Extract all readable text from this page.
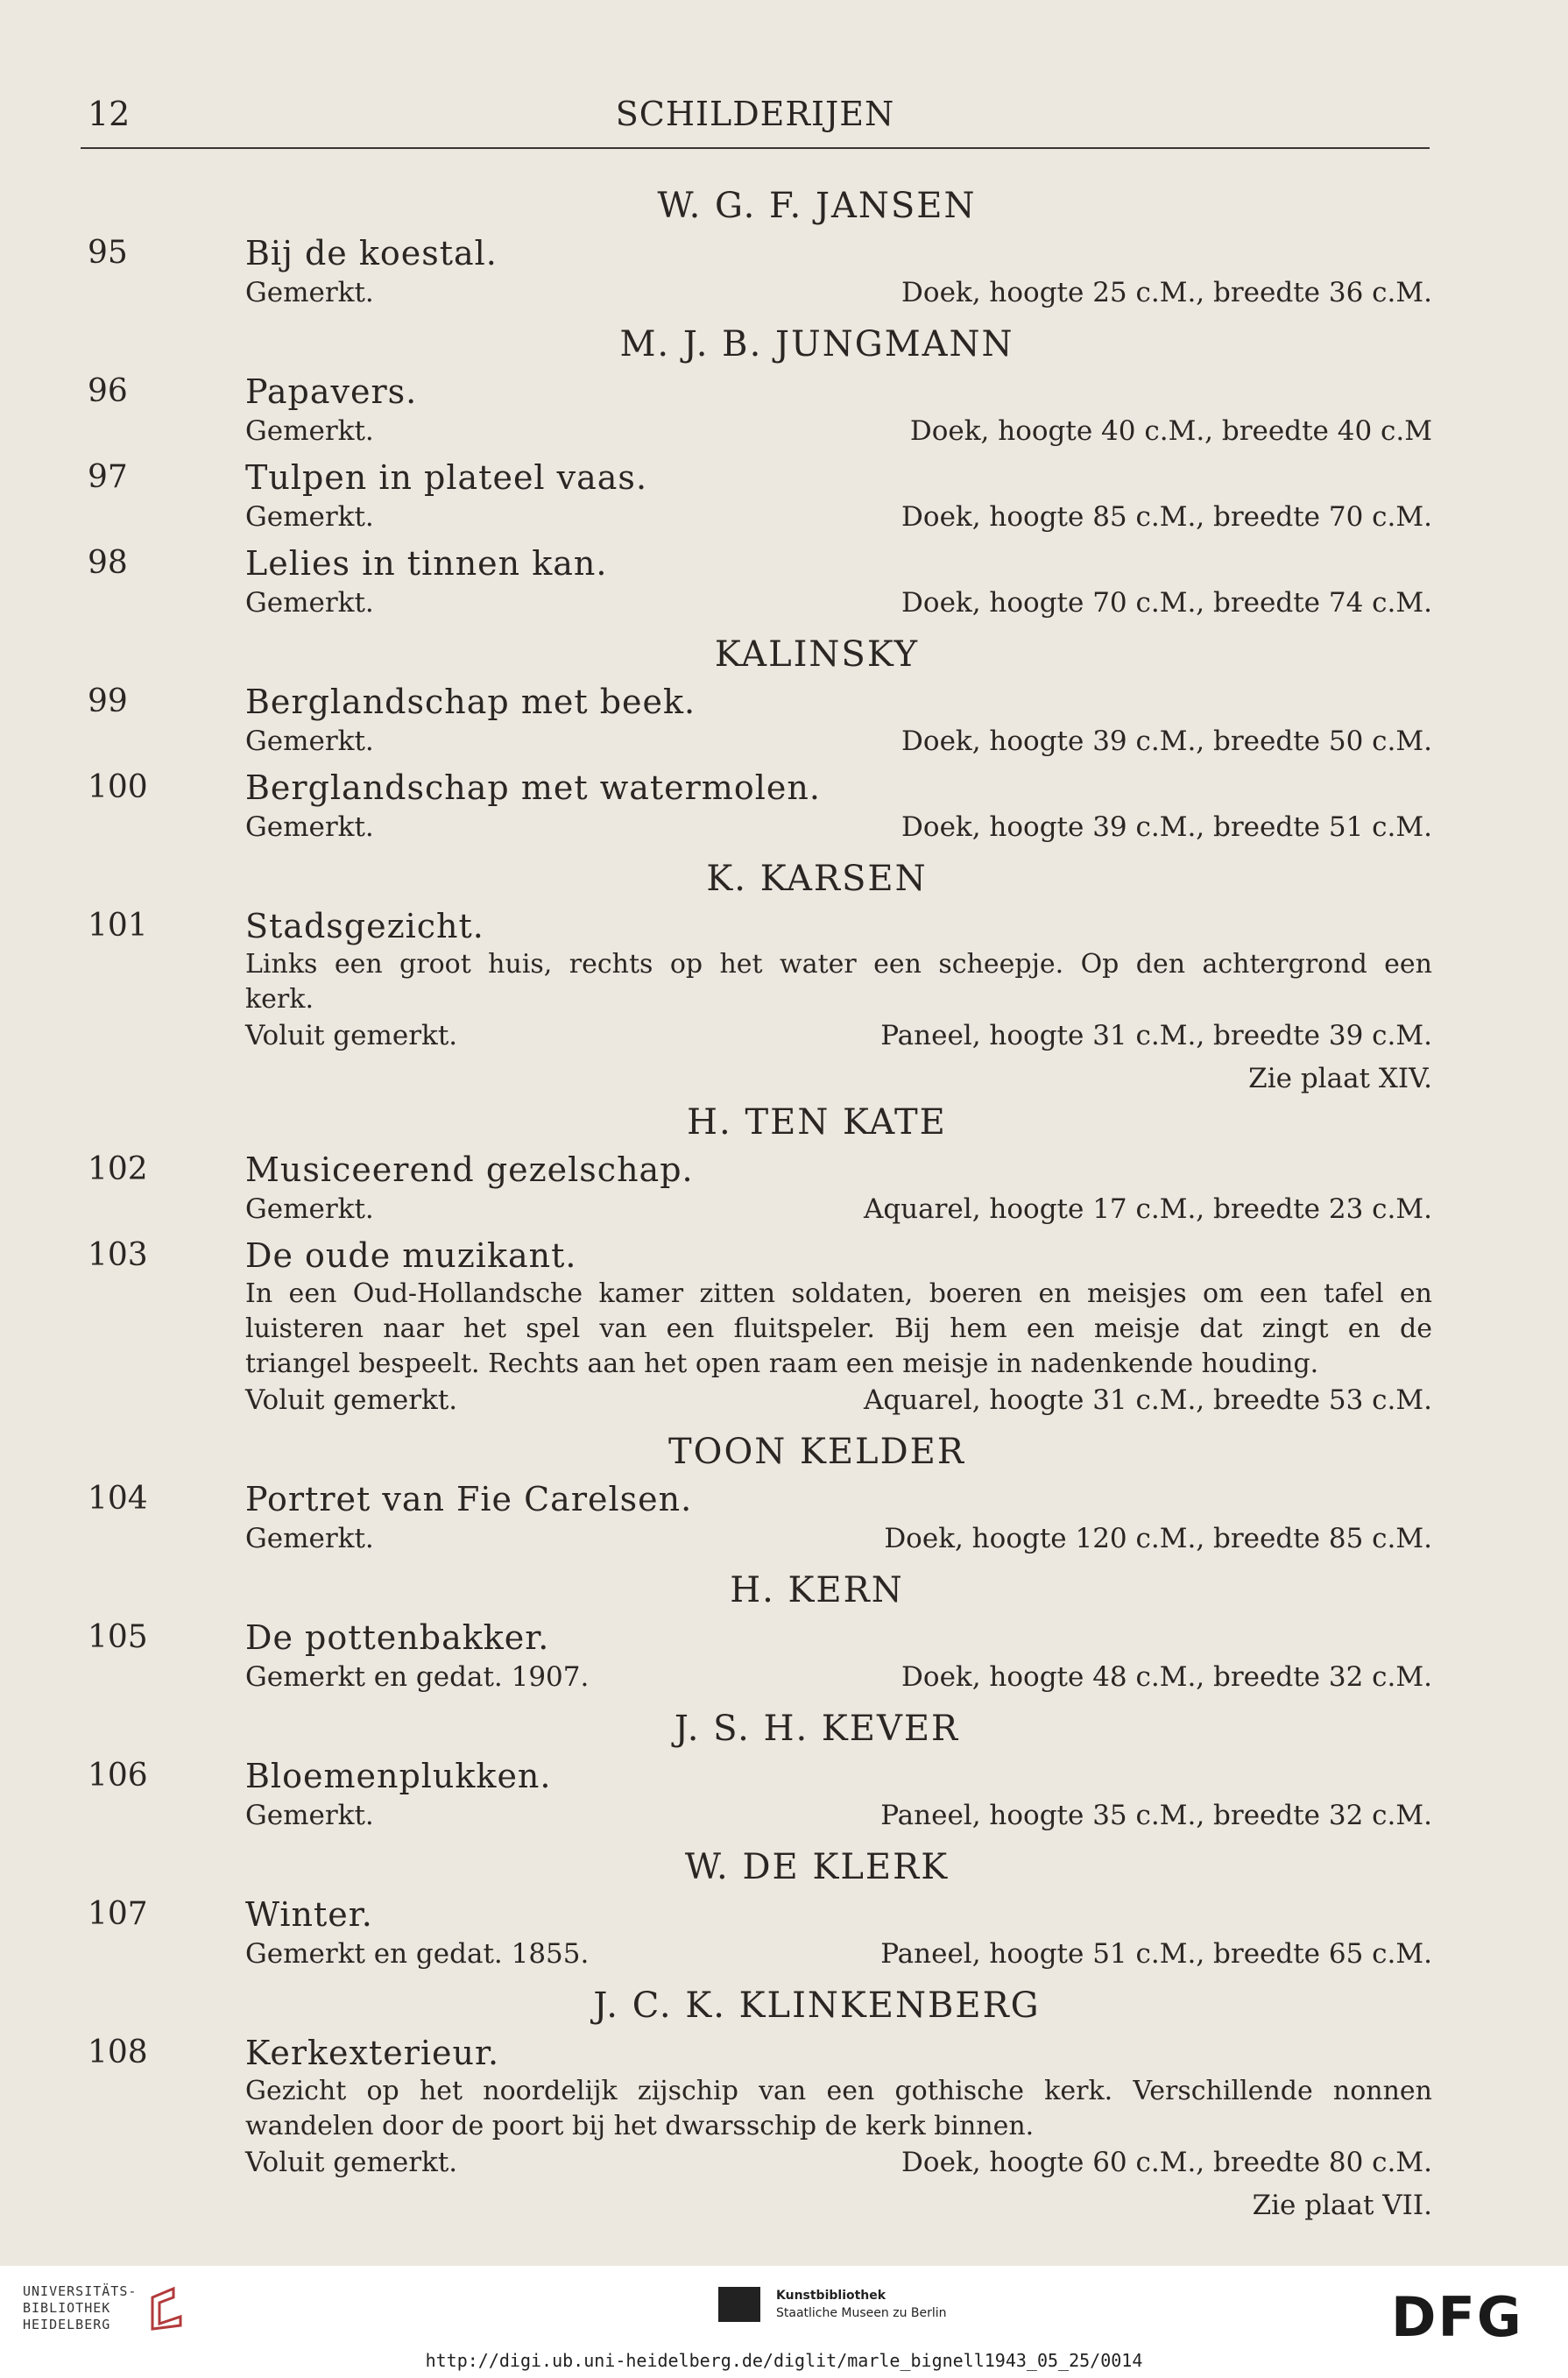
12	SCHILDERIJEN
W. G. F. JANSEN
95	Bij de koestal.
Gemerkt.	Doek, hoogte 25 c.M., breedte 36 c.M.
M. J. B. JUNGMANN
96	Papavers.
Gemerkt.	Doek, hoogte 40 c.M., breedte 40 c.M
97	Tulpen in plateel vaas.
Gemerkt.	Doek, hoogte 85 c.M., breedte 70 c.M.
98	Lelies in tinnen kan.
Gemerkt.	Doek, hoogte 70 c.M., breedte 74 c.M.
KALINSKY
99	Berglandschap met beek.
Gemerkt.	Doek, hoogte 39 c.M., breedte 50 c.M.
100	Berglandschap met watermolen.
Gemerkt.	Doek, hoogte 39 c.M., breedte 51 c.M.
K. KARSEN
101	Stadsgezicht.
Links een groot huis, rechts op het water een scheepje. Op den achtergrond een
kerk.
Voluit gemerkt.	Paneel, hoogte 31 c.M., breedte 39 c.M.
Zie plaat XIV.
H. TEN KATE
102	Musiceerend gezelschap.
Gemerkt.	Aquarel, hoogte 17 c.M., breedte 23 c.M.
103	De oude muzikant.
In een Oud-Hollandsche kamer zitten soldaten, boeren en meisjes om een tafel en
luisteren naar het spel van een fluitspeler. Bij hem een meisje dat zingt en de
triangel bespeelt. Rechts aan het open raam een meisje in nadenkende houding.
Voluit gemerkt.	Aquarel, hoogte 31 c.M., breedte 53 c.M.
TOON KELDER
104	Portret van Fie Carelsen.
Gemerkt.	Doek, hoogte 120 c.M., breedte 85 c.M.
H. KERN
105	De pottenbakker.
Gemerkt en gedat. 1907.	Doek, hoogte 48 c.M., breedte 32 c.M.
J. S. H. KEVER
106	Bloemenplukken.
Gemerkt.	Paneel, hoogte 35 c.M., breedte 32 c.M.
W. DE KLERK
107	Winter.
Gemerkt en gedat. 1855.	Paneel, hoogte 51 c.M., breedte 65 c.M.
J. C. K. KLINKENBERG
108	Kerkexterieur.
Gezicht op het noordelijk zijschip van een gothische kerk. Verschillende nonnen
wandelen door de poort bij het dwarsschip de kerk binnen.
Voluit gemerkt.	Doek, hoogte 60 c.M., breedte 80 c.M.
Zie plaat VII.
UNIVERSITÄTS-
BIBLIOTHEK
HEIDELBERG
Kunstbibliothek
Staatliche Museen zu Berlin	DFG
http://digi.ub.uni-heidelberg.de/diglit/marle_bignell1943_05_25/0014
